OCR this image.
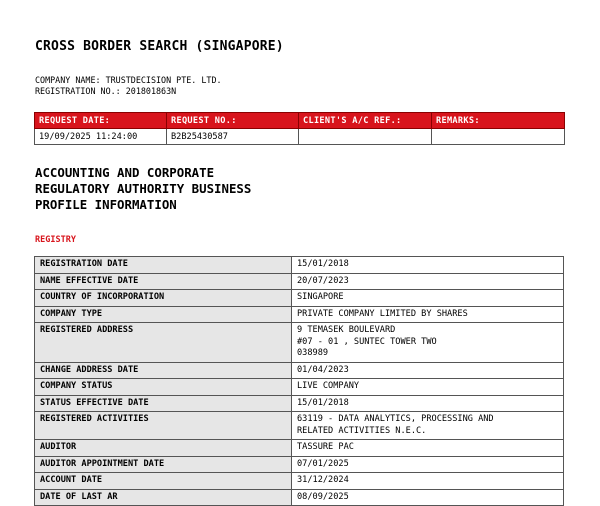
CROSS BORDER SEARCH (SINGAPORE)
COMPANY NAME: TRUSTDECISION PTE. LTD.
REGISTRATION NO.: 201801863N
REQUEST DATE:	REQUEST NO.:	CLIENT'S A/C REF.:	REMARKS:
19/09/2025 11:24:00	B2B25430587		
ACCOUNTING AND CORPORATE
REGULATORY AUTHORITY BUSINESS
PROFILE INFORMATION
REGISTRY
REGISTRATION DATE	15/01/2018
NAME EFFECTIVE DATE	20/07/2023
COUNTRY OF INCORPORATION	SINGAPORE
COMPANY TYPE	PRIVATE COMPANY LIMITED BY SHARES
REGISTERED ADDRESS	9 TEMASEK BOULEVARD
#07 - 01 , SUNTEC TOWER TWO
038989
CHANGE ADDRESS DATE	01/04/2023
COMPANY STATUS	LIVE COMPANY
STATUS EFFECTIVE DATE	15/01/2018
REGISTERED ACTIVITIES	63119 - DATA ANALYTICS, PROCESSING AND
RELATED ACTIVITIES N.E.C.
AUDITOR	TASSURE PAC
AUDITOR APPOINTMENT DATE	07/01/2025
ACCOUNT DATE	31/12/2024
DATE OF LAST AR	08/09/2025
